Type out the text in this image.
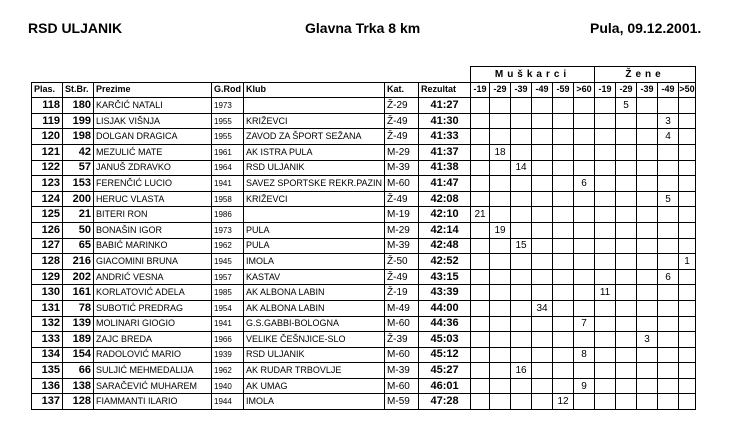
RSD ULJANIK	Glavna Trka 8 km	Pula, 09.12.2001.
							Muškarci						Žene				
Plas.	St.Br.	Prezime	G.Rod	Klub	Kat.	Rezultat	-19	-29	-39	-49	-59	>60	-19	-29	-39	-49	>50
118	180	KARČIĆ NATALI	1973		Ž-29	41:27								5			
119	199	LISJAK VIŠNJA	1955	KRIŽEVCI	Ž-49	41:30										3	
120	198	DOLGAN DRAGICA	1955	ZAVOD ZA ŠPORT SEŽANA	Ž-49	41:33										4	
121	42	MEZULIĆ MATE	1961	AK ISTRA PULA	M-29	41:37		18									
122	57	JANUŠ ZDRAVKO	1964	RSD ULJANIK	M-39	41:38			14								
123	153	FERENČIĆ LUCIO	1941	SAVEZ SPORTSKE REKR.PAZIN	M-60	41:47						6					
124	200	HERUC VLASTA	1958	KRIŽEVCI	Ž-49	42:08										5	
125	21	BITERI RON	1986		M-19	42:10	21										
126	50	BONAŠIN IGOR	1973	PULA	M-29	42:14		19									
127	65	BABIĆ MARINKO	1962	PULA	M-39	42:48			15								
128	216	GIACOMINI BRUNA	1945	IMOLA	Ž-50	42:52											1
129	202	ANDRIĆ VESNA	1957	KASTAV	Ž-49	43:15										6	
130	161	KORLATOVIĆ ADELA	1985	AK ALBONA LABIN	Ž-19	43:39							11				
131	78	SUBOTIĆ PREDRAG	1954	AK ALBONA LABIN	M-49	44:00				34							
132	139	MOLINARI GIOGIO	1941	G.S.GABBI-BOLOGNA	M-60	44:36						7					
133	189	ZAJC BREDA	1966	VELIKE ČEŠNJICE-SLO	Ž-39	45:03									3		
134	154	RADOLOVIĆ MARIO	1939	RSD ULJANIK	M-60	45:12						8					
135	66	SULJIĆ MEHMEDALIJA	1962	AK RUDAR TRBOVLJE	M-39	45:27			16								
136	138	SARAČEVIĆ MUHAREM	1940	AK UMAG	M-60	46:01						9					
137	128	FIAMMANTI ILARIO	1944	IMOLA	M-59	47:28					12						
